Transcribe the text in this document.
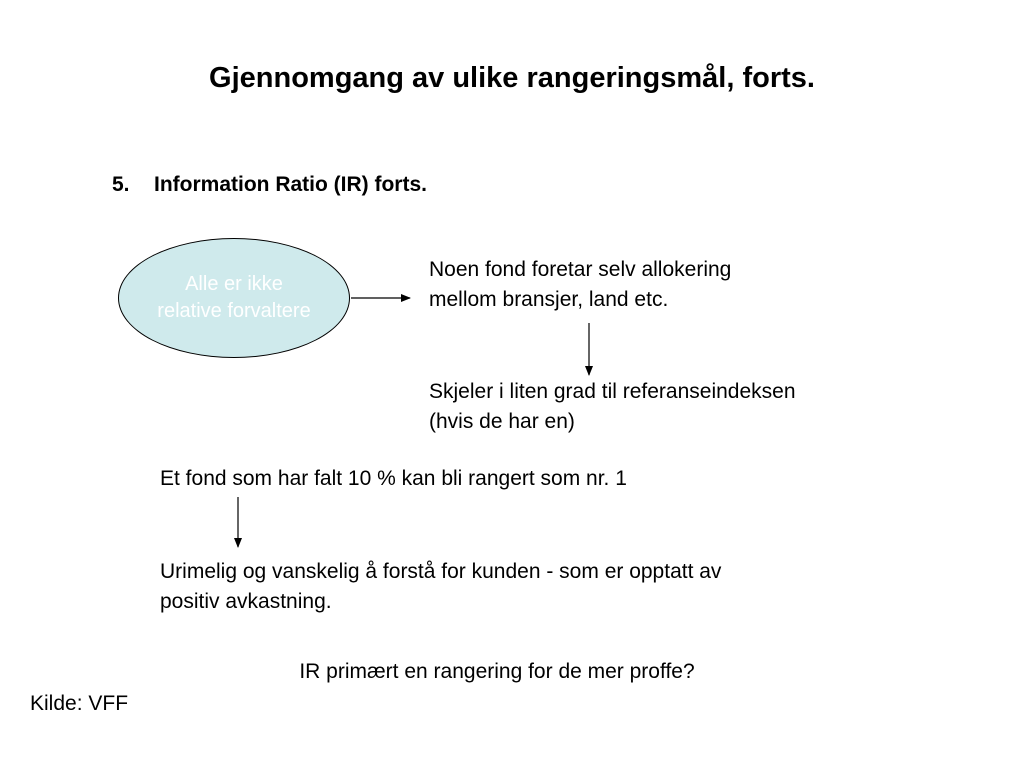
Gjennomgang av ulike rangeringsmål, forts.
5. Information Ratio (IR) forts.
Alle er ikke
relative forvaltere
Noen fond foretar selv allokering
mellom bransjer, land etc.
Skjeler i liten grad til referanseindeksen
(hvis de har en)
Et fond som har falt 10 % kan bli rangert som nr. 1
Urimelig og vanskelig å forstå for kunden - som er opptatt av
positiv avkastning.
IR primært en rangering for de mer proffe?
Kilde: VFF
